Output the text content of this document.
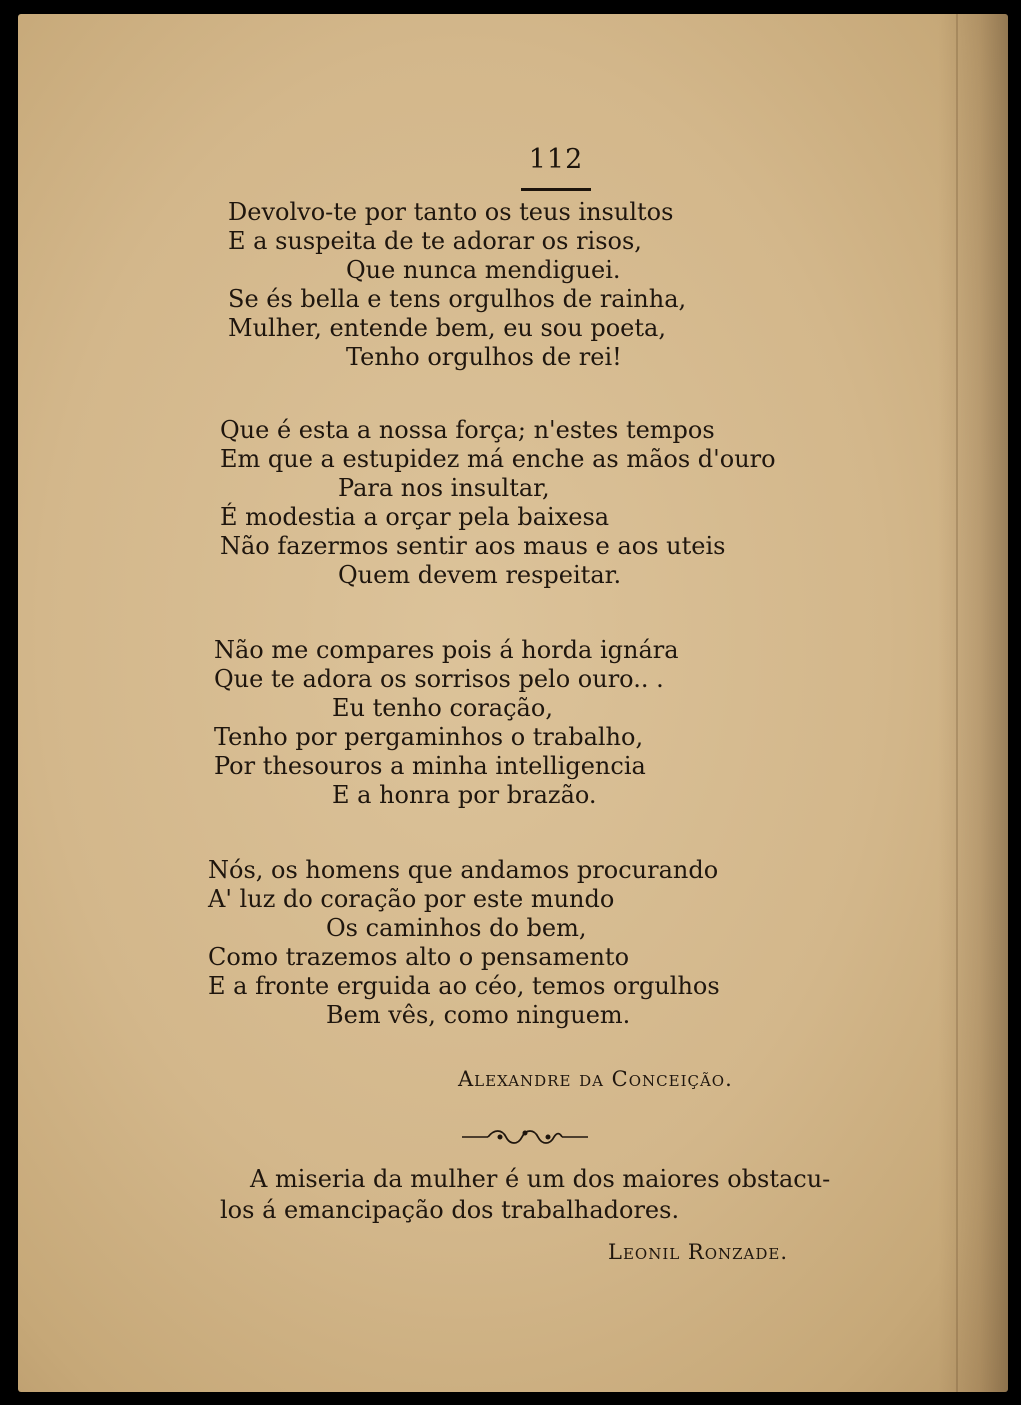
112
Devolvo-te por tanto os teus insultos
E a suspeita de te adorar os risos,
Que nunca mendiguei.
Se és bella e tens orgulhos de rainha,
Mulher, entende bem, eu sou poeta,
Tenho orgulhos de rei!
Que é esta a nossa força; n'estes tempos
Em que a estupidez má enche as mãos d'ouro
Para nos insultar,
É modestia a orçar pela baixesa
Não fazermos sentir aos maus e aos uteis
Quem devem respeitar.
Não me compares pois á horda ignára
Que te adora os sorrisos pelo ouro.. .
Eu tenho coração,
Tenho por pergaminhos o trabalho,
Por thesouros a minha intelligencia
E a honra por brazão.
Nós, os homens que andamos procurando
A' luz do coração por este mundo
Os caminhos do bem,
Como trazemos alto o pensamento
E a fronte erguida ao céo, temos orgulhos
Bem vês, como ninguem.
Alexandre da Conceição.
A miseria da mulher é um dos maiores obstacu-
los á emancipação dos trabalhadores.
Leonil Ronzade.
